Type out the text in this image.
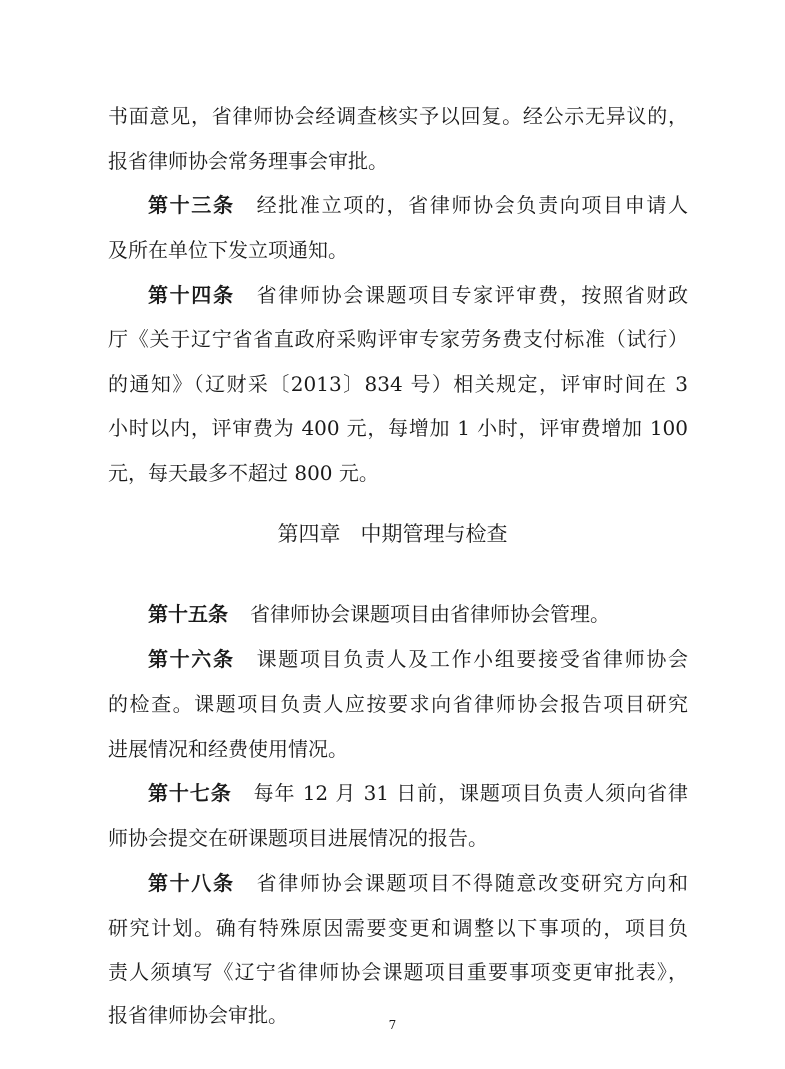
书面意见，省律师协会经调查核实予以回复。经公示无异议的，
报省律师协会常务理事会审批。
第十三条 经批准立项的，省律师协会负责向项目申请人
及所在单位下发立项通知。
第十四条 省律师协会课题项目专家评审费，按照省财政
厅《关于辽宁省省直政府采购评审专家劳务费支付标准（试行）
的通知》（辽财采〔2013〕834 号）相关规定，评审时间在 3
小时以内，评审费为 400 元，每增加 1 小时，评审费增加 100
元，每天最多不超过 800 元。
第四章 中期管理与检查
第十五条 省律师协会课题项目由省律师协会管理。
第十六条 课题项目负责人及工作小组要接受省律师协会
的检查。课题项目负责人应按要求向省律师协会报告项目研究
进展情况和经费使用情况。
第十七条 每年 12 月 31 日前，课题项目负责人须向省律
师协会提交在研课题项目进展情况的报告。
第十八条 省律师协会课题项目不得随意改变研究方向和
研究计划。确有特殊原因需要变更和调整以下事项的，项目负
责人须填写《辽宁省律师协会课题项目重要事项变更审批表》，
报省律师协会审批。	7
